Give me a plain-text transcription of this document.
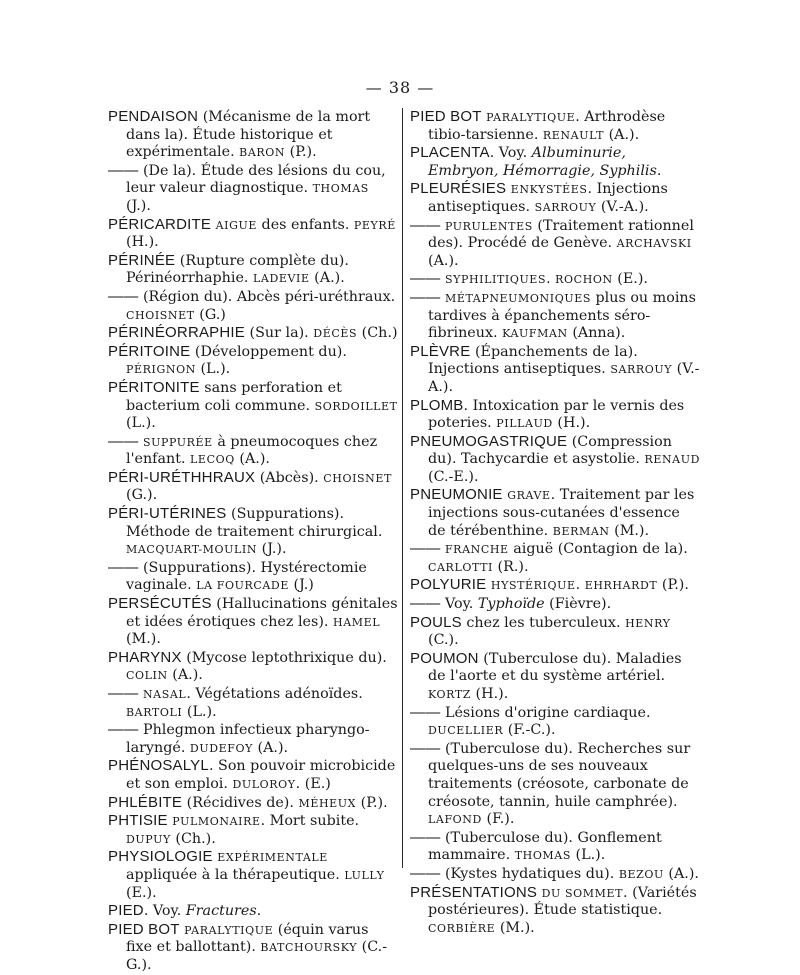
— 38 —

PENDAISON (Mécanisme de la mort dans la). Étude historique et expérimentale. BARON (P.).

—— (De la). Étude des lésions du cou, leur valeur diagnostique. THOMAS (J.).

PÉRICARDITE AIGUE des enfants. PEYRÉ (H.).

PÉRINÉE (Rupture complète du). Périnéorrhaphie. LADEVIE (A.).

—— (Région du). Abcès péri-uréthraux. CHOISNET (G.)

PÉRINÉORRAPHIE (Sur la). DÉCÈS (Ch.)

PÉRITOINE (Développement du). PÉRIGNON (L.).

PÉRITONITE sans perforation et bacterium coli commune. SORDOILLET (L.).

—— SUPPURÉE à pneumocoques chez l'enfant. LECOQ (A.).

PÉRI-URÉTHHRAUX (Abcès). CHOISNET (G.).

PÉRI-UTÉRINES (Suppurations). Méthode de traitement chirurgical. MACQUART-MOULIN (J.).

—— (Suppurations). Hystérectomie vaginale. LA FOURCADE (J.)

PERSÉCUTÉS (Hallucinations génitales et idées érotiques chez les). HAMEL (M.).

PHARYNX (Mycose leptothrixique du). COLIN (A.).

—— NASAL. Végétations adénoïdes. BARTOLI (L.).

—— Phlegmon infectieux pharyngo-laryngé. DUDEFOY (A.).

PHÉNOSALYL. Son pouvoir microbicide et son emploi. DULOROY. (E.)

PHLÉBITE (Récidives de). MÉHEUX (P.).

PHTISIE PULMONAIRE. Mort subite. DUPUY (Ch.).

PHYSIOLOGIE EXPÉRIMENTALE appliquée à la thérapeutique. LULLY (E.).

PIED. Voy. Fractures.

PIED BOT PARALYTIQUE (équin varus fixe et ballottant). BATCHOURSKY (C.-G.).

PIED BOT PARALYTIQUE. Arthrodèse tibio-tarsienne. RENAULT (A.).

PLACENTA. Voy. Albuminurie, Embryon, Hémorragie, Syphilis.

PLEURÉSIES ENKYSTÉES. Injections antiseptiques. SARROUY (V.-A.).

—— PURULENTES (Traitement rationnel des). Procédé de Genève. ARCHAVSKI (A.).

—— SYPHILITIQUES. ROCHON (E.).

—— MÉTAPNEUMONIQUES plus ou moins tardives à épanchements séro-fibrineux. KAUFMAN (Anna).

PLÈVRE (Épanchements de la). Injections antiseptiques. SARROUY (V.-A.).

PLOMB. Intoxication par le vernis des poteries. PILLAUD (H.).

PNEUMOGASTRIQUE (Compression du). Tachycardie et asystolie. RENAUD (C.-E.).

PNEUMONIE GRAVE. Traitement par les injections sous-cutanées d'essence de térébenthine. BERMAN (M.).

—— FRANCHE aiguë (Contagion de la). CARLOTTI (R.).

POLYURIE HYSTÉRIQUE. EHRHARDT (P.).

—— Voy. Typhoïde (Fièvre).

POULS chez les tuberculeux. HENRY (C.).

POUMON (Tuberculose du). Maladies de l'aorte et du système artériel. KORTZ (H.).

—— Lésions d'origine cardiaque. DUCELLIER (F.-C.).

—— (Tuberculose du). Recherches sur quelques-uns de ses nouveaux traitements (créosote, carbonate de créosote, tannin, huile camphrée). LAFOND (F.).

—— (Tuberculose du). Gonflement mammaire. THOMAS (L.).

—— (Kystes hydatiques du). BEZOU (A.).

PRÉSENTATIONS DU SOMMET. (Variétés postérieures). Étude statistique. CORBIÈRE (M.).
